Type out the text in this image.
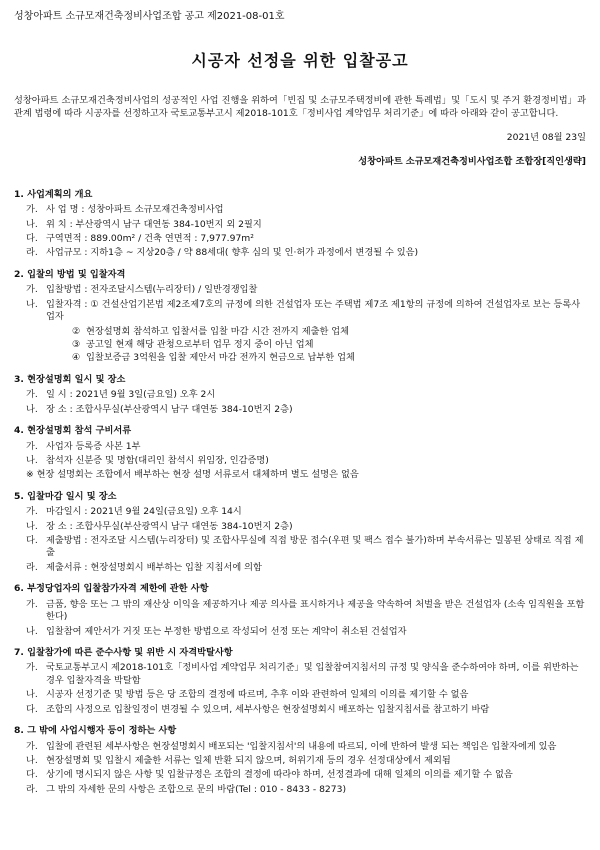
성창아파트 소규모재건축정비사업조합 공고 제2021-08-01호
시공자 선정을 위한 입찰공고
성창아파트 소규모재건축정비사업의 성공적인 사업 진행을 위하여「빈집 및 소규모주택정비에 관한 특례법」및「도시 및 주거 환경정비법」과 관계 법령에 따라 시공자를 선정하고자 국토교통부고시 제2018-101호「정비사업 계약업무 처리기준」에 따라 아래와 같이 공고합니다.
2021년 08월 23일
성창아파트 소규모재건축정비사업조합 조합장[직인생략]
1. 사업계획의 개요
가. 사 업 명 : 성창아파트 소규모재건축정비사업
나. 위 치 : 부산광역시 남구 대연동 384-10번지 외 2필지
다. 구역면적 : 889.00m² / 건축 연면적 : 7,977.97m²
라. 사업규모 : 지하1층 ~ 지상20층 / 약 88세대( 향후 심의 및 인·허가 과정에서 변경될 수 있음)
2. 입찰의 방법 및 입찰자격
가. 입찰방법 : 전자조달시스템(누리장터) / 일반경쟁입찰
나. 입찰자격 : ① 건설산업기본법 제2조제7호의 규정에 의한 건설업자 또는 주택법 제7조 제1항의 규정에 의하여 건설업자로 보는 등록사업자
② 현장설명회 참석하고 입찰서를 입찰 마감 시간 전까지 제출한 업체
③ 공고일 현재 해당 관청으로부터 업무 정지 중이 아닌 업체
④ 입찰보증금 3억원을 입찰 제안서 마감 전까지 현금으로 납부한 업체
3. 현장설명회 일시 및 장소
가. 일 시 : 2021년 9월 3일(금요일) 오후 2시
나. 장 소 : 조합사무실(부산광역시 남구 대연동 384-10번지 2층)
4. 현장설명회 참석 구비서류
가. 사업자 등록증 사본 1부
나. 참석자 신분증 및 명함(대리인 참석시 위임장, 인감증명)
※ 현장 설명회는 조합에서 배부하는 현장 설명 서류로서 대체하며 별도 설명은 없음
5. 입찰마감 일시 및 장소
가. 마감일시 : 2021년 9월 24일(금요일) 오후 14시
나. 장 소 : 조합사무실(부산광역시 남구 대연동 384-10번지 2층)
다. 제출방법 : 전자조달 시스템(누리장터) 및 조합사무실에 직접 방문 접수(우편 및 팩스 접수 불가)하며 부속서류는 밀봉된 상태로 직접 제출
라. 제출서류 : 현장설명회시 배부하는 입찰 지침서에 의함
6. 부정당업자의 입찰참가자격 제한에 관한 사항
가. 금품, 향응 또는 그 밖의 재산상 이익을 제공하거나 제공 의사를 표시하거나 제공을 약속하여 처벌을 받은 건설업자 (소속 임직원을 포함한다)
나. 입찰참여 제안서가 거짓 또는 부정한 방법으로 작성되어 선정 또는 계약이 취소된 건설업자
7. 입찰참가에 따른 준수사항 및 위반 시 자격박탈사항
가. 국토교통부고시 제2018-101호「정비사업 계약업무 처리기준」및 입찰참여지침서의 규정 및 양식을 준수하여야 하며, 이를 위반하는 경우 입찰자격을 박탈함
나. 시공자 선정기준 및 방법 등은 당 조합의 결정에 따르며, 추후 이와 관련하여 일체의 이의를 제기할 수 없음
다. 조합의 사정으로 입찰일정이 변경될 수 있으며, 세부사항은 현장설명회시 배포하는 입찰지침서를 참고하기 바람
8. 그 밖에 사업시행자 등이 정하는 사항
가. 입찰에 관련된 세부사항은 현장설명회시 배포되는 '입찰지침서'의 내용에 따르되, 이에 반하여 발생 되는 책임은 입찰자에게 있음
나. 현장설명회 및 입찰시 제출한 서류는 일체 반환 되지 않으며, 허위기재 등의 경우 선정대상에서 제외됨
다. 상기에 명시되지 않은 사항 및 입찰규정은 조합의 결정에 따라야 하며, 선정결과에 대해 일체의 이의를 제기할 수 없음
라. 그 밖의 자세한 문의 사항은 조합으로 문의 바람(Tel : 010 - 8433 - 8273)
